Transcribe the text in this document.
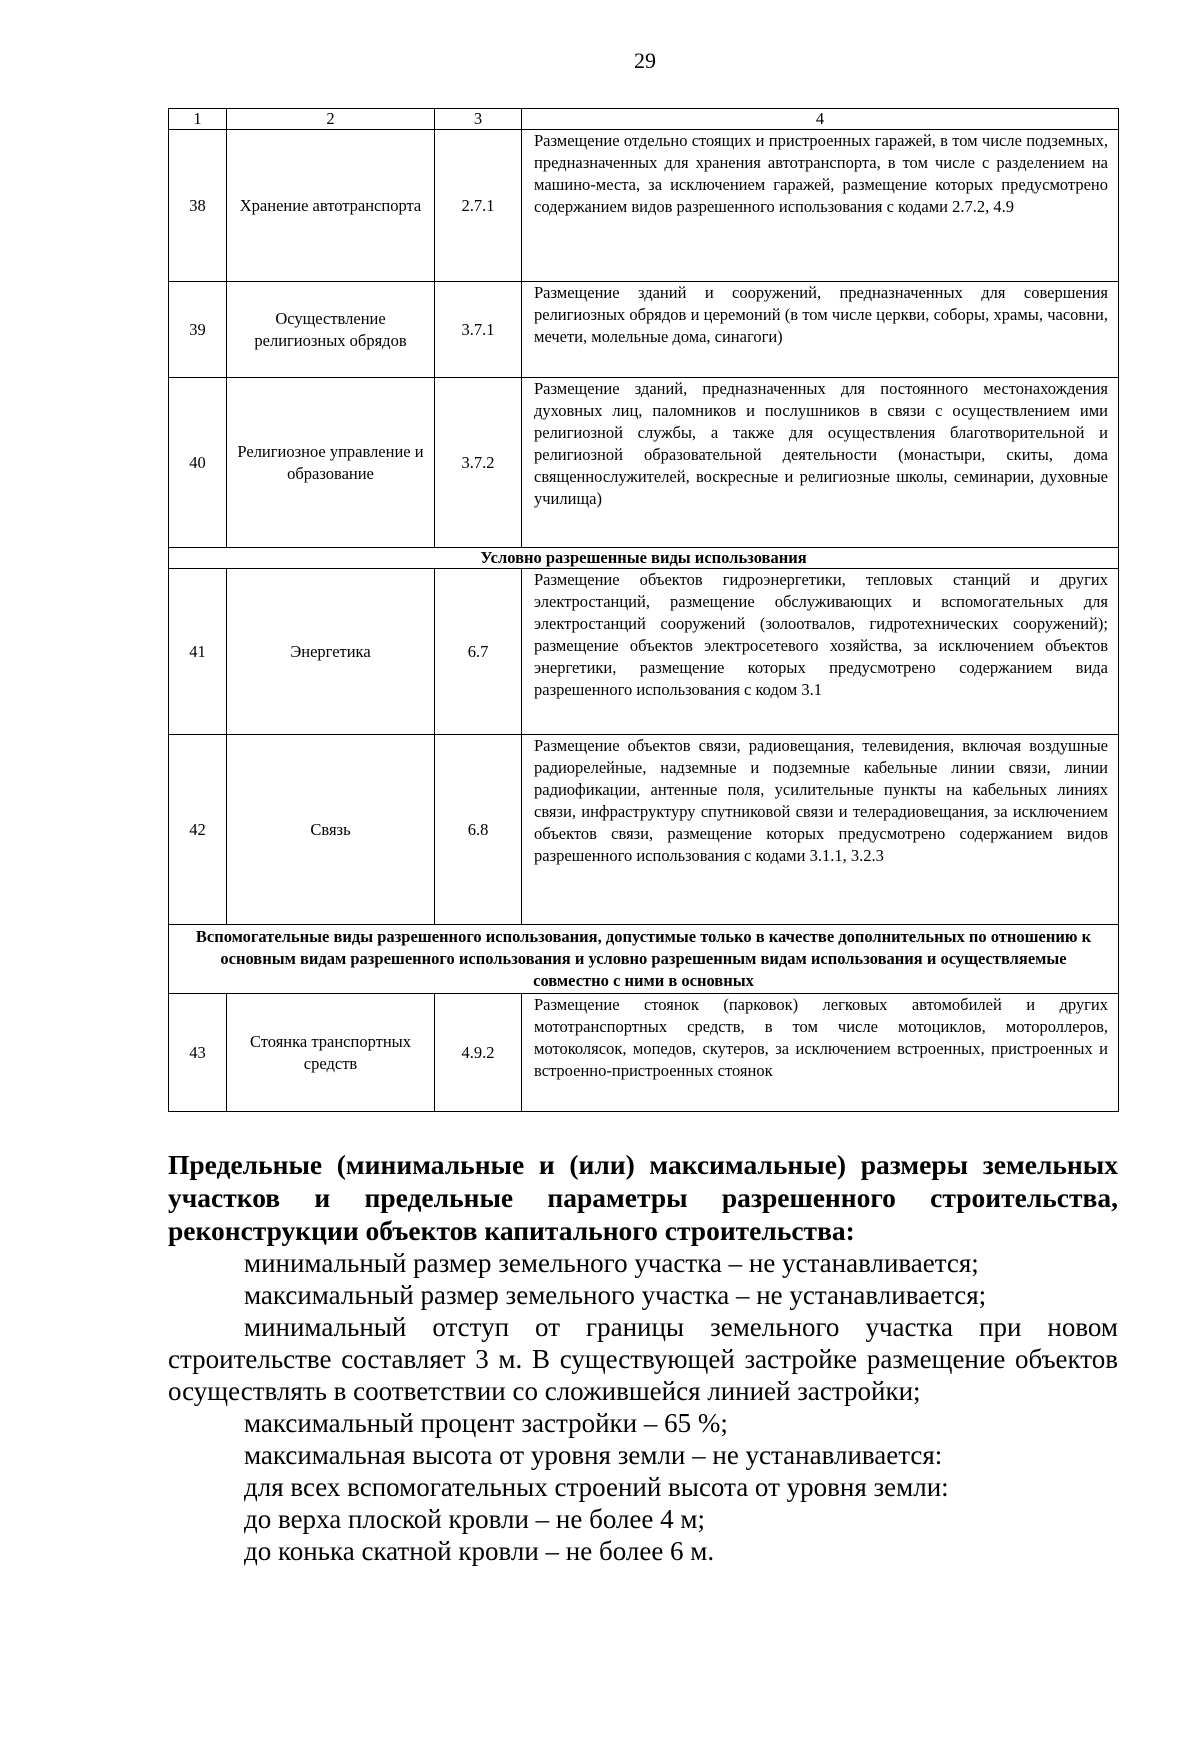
29
1	2	3	4
38	Хранение автотранспорта	2.7.1	Размещение отдельно стоящих и пристроенных гаражей, в том числе подземных, предназначенных для хранения автотранспорта, в том числе с разделением на машино-места, за исключением гаражей, размещение которых предусмотрено содержанием видов разрешенного использования с кодами 2.7.2, 4.9
39	Осуществление религиозных обрядов	3.7.1	Размещение зданий и сооружений, предназначенных для совершения религиозных обрядов и церемоний (в том числе церкви, соборы, храмы, часовни, мечети, молельные дома, синагоги)
40	Религиозное управление и образование	3.7.2	Размещение зданий, предназначенных для постоянного местонахождения духовных лиц, паломников и послушников в связи с осуществлением ими религиозной службы, а также для осуществления благотворительной и религиозной образовательной деятельности (монастыри, скиты, дома священнослужителей, воскресные и религиозные школы, семинарии, духовные училища)
Условно разрешенные виды использования			
41	Энергетика	6.7	Размещение объектов гидроэнергетики, тепловых станций и других электростанций, размещение обслуживающих и вспомогательных для электростанций сооружений (золоотвалов, гидротехнических сооружений); размещение объектов электросетевого хозяйства, за исключением объектов энергетики, размещение которых предусмотрено содержанием вида разрешенного использования с кодом 3.1
42	Связь	6.8	Размещение объектов связи, радиовещания, телевидения, включая воздушные радиорелейные, надземные и подземные кабельные линии связи, линии радиофикации, антенные поля, усилительные пункты на кабельных линиях связи, инфраструктуру спутниковой связи и телерадиовещания, за исключением объектов связи, размещение которых предусмотрено содержанием видов разрешенного использования с кодами 3.1.1, 3.2.3
Вспомогательные виды разрешенного использования, допустимые только в качестве дополнительных по отношению к основным видам разрешенного использования и условно разрешенным видам использования и осуществляемые совместно с ними в основных			
43	Стоянка транспортных средств	4.9.2	Размещение стоянок (парковок) легковых автомобилей и других мототранспортных средств, в том числе мотоциклов, мотороллеров, мотоколясок, мопедов, скутеров, за исключением встроенных, пристроенных и встроенно-пристроенных стоянок

Предельные (минимальные и (или) максимальные) размеры земельных участков и предельные параметры разрешенного строительства, реконструкции объектов капитального строительства:

минимальный размер земельного участка – не устанавливается;

максимальный размер земельного участка – не устанавливается;

минимальный отступ от границы земельного участка при новом строительстве составляет 3 м. В существующей застройке размещение объектов осуществлять в соответствии со сложившейся линией застройки;

максимальный процент застройки – 65 %;

максимальная высота от уровня земли – не устанавливается:

для всех вспомогательных строений высота от уровня земли:

до верха плоской кровли – не более 4 м;

до конька скатной кровли – не более 6 м.
